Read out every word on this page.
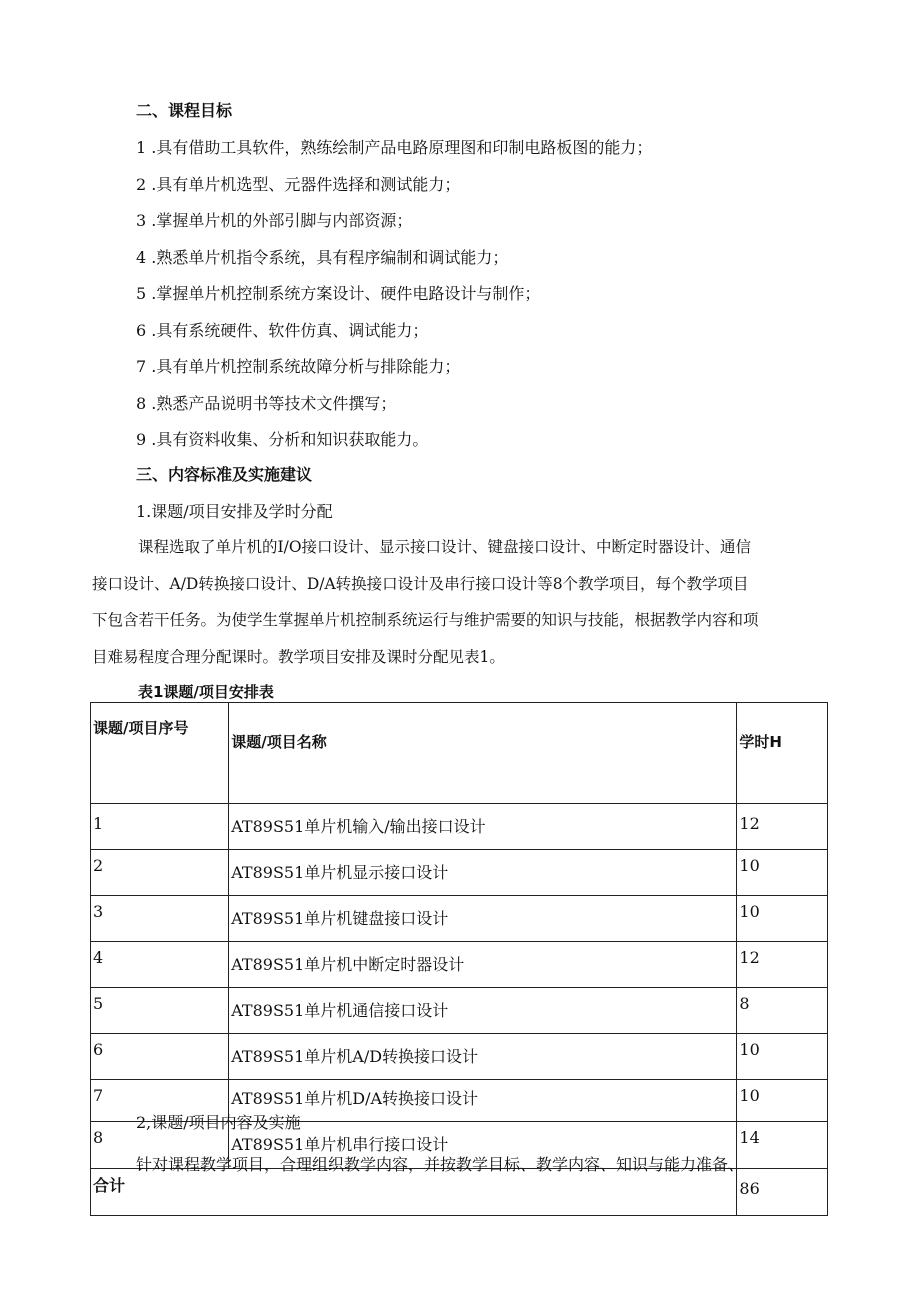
二、课程目标
1 .具有借助工具软件，熟练绘制产品电路原理图和印制电路板图的能力；
2 .具有单片机选型、元器件选择和测试能力；
3 .掌握单片机的外部引脚与内部资源；
4 .熟悉单片机指令系统，具有程序编制和调试能力；
5 .掌握单片机控制系统方案设计、硬件电路设计与制作；
6 .具有系统硬件、软件仿真、调试能力；
7 .具有单片机控制系统故障分析与排除能力；
8 .熟悉产品说明书等技术文件撰写；
9 .具有资料收集、分析和知识获取能力。
三、内容标准及实施建议
1.课题/项目安排及学时分配
课程选取了单片机的I/O接口设计、显示接口设计、键盘接口设计、中断定时器设计、通信
接口设计、A/D转换接口设计、D/A转换接口设计及串行接口设计等8个教学项目，每个教学项目
下包含若干任务。为使学生掌握单片机控制系统运行与维护需要的知识与技能，根据教学内容和项
目难易程度合理分配课时。教学项目安排及课时分配见表1。
表1课题/项目安排表
课题/项目序号	课题/项目名称	学时H
1	AT89S51单片机输入/输出接口设计	12
2	AT89S51单片机显示接口设计	10
3	AT89S51单片机键盘接口设计	10
4	AT89S51单片机中断定时器设计	12
5	AT89S51单片机通信接口设计	8
6	AT89S51单片机A/D转换接口设计	10
7	AT89S51单片机D/A转换接口设计	10
8	AT89S51单片机串行接口设计	14
合计		86
2,课题/项目内容及实施
针对课程教学项目，合理组织教学内容，并按教学目标、教学内容、知识与能力准备、
